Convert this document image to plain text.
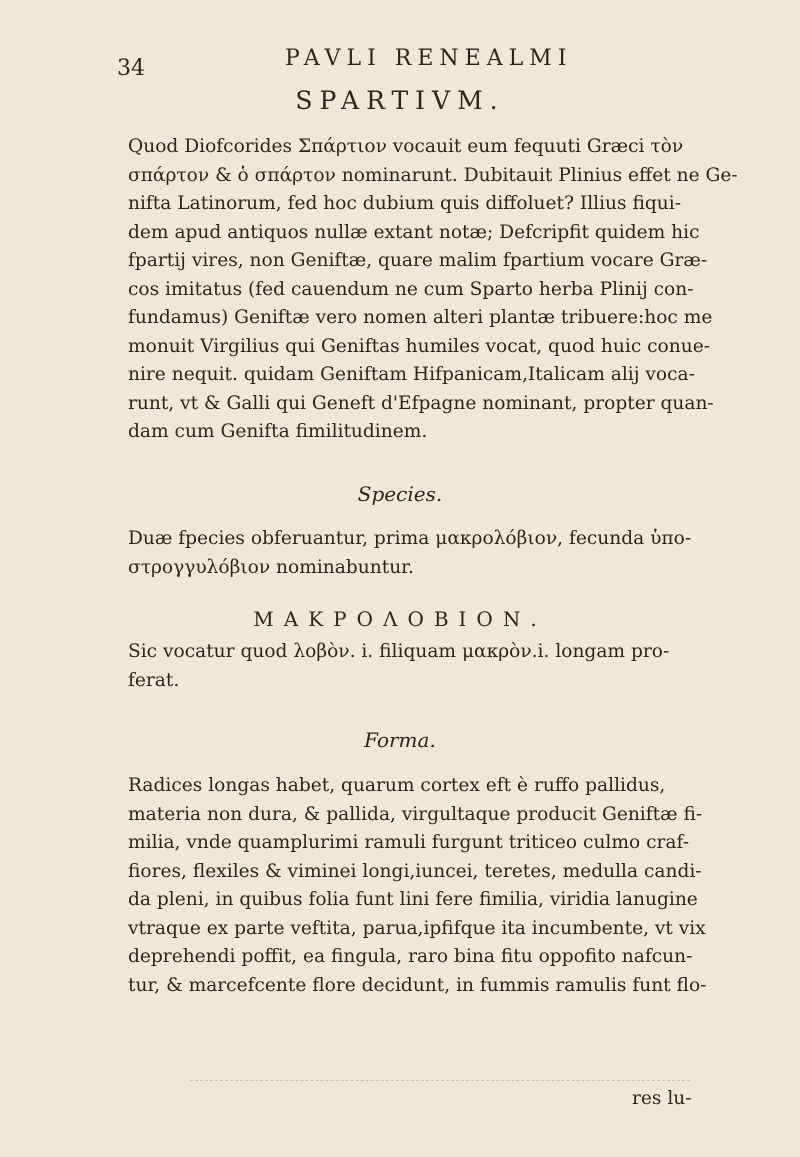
34	PAVLI RENEALMI
SPARTIVM.

Quod Diofcorides Σπάρτιον vocauit eum fequuti Græci τὸν
σπάρτον & ὁ σπάρτον nominarunt. Dubitauit Plinius effet ne Ge-
nifta Latinorum, fed hoc dubium quis diffoluet? Illius fiqui-
dem apud antiquos nullæ extant notæ; Defcripfit quidem hic
fpartij vires, non Geniftæ, quare malim fpartium vocare Græ-
cos imitatus (fed cauendum ne cum Sparto herba Plinij con-
fundamus) Geniftæ vero nomen alteri plantæ tribuere:hoc me
monuit Virgilius qui Geniftas humiles vocat, quod huic conue-
nire nequit. quidam Geniftam Hifpanicam,Italicam alij voca-
runt, vt & Galli qui Geneft d'Efpagne nominant, propter quan-
dam cum Genifta fimilitudinem.

Species.

Duæ fpecies obferuantur, prima μακρολόβιον, fecunda ὑπο-
στρογγυλόβιον nominabuntur.

ΜΑΚΡΟΛΟΒΙΟΝ.

Sic vocatur quod λοβὸν. i. filiquam μακρὸν.i. longam pro-
ferat.

Forma.

Radices longas habet, quarum cortex eft è ruffo pallidus,
materia non dura, & pallida, virgultaque producit Geniftæ fi-
milia, vnde quamplurimi ramuli furgunt triticeo culmo craf-
fiores, flexiles & viminei longi,iuncei, teretes, medulla candi-
da pleni, in quibus folia funt lini fere fimilia, viridia lanugine
vtraque ex parte veftita, parua,ipfifque ita incumbente, vt vix
deprehendi poffit, ea fingula, raro bina fitu oppofito nafcun-
tur, & marcefcente flore decidunt, in fummis ramulis funt flo-

res lu-
